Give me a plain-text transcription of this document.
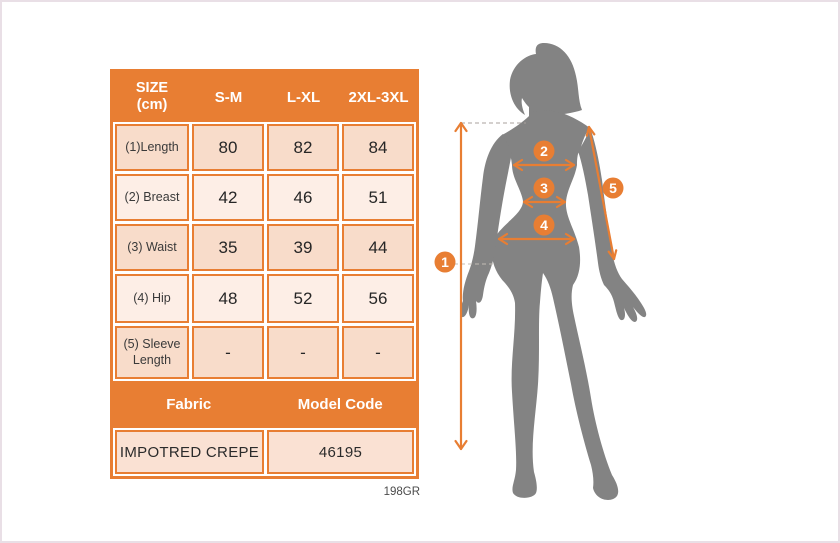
SIZE (cm)	S-M	L-XL	2XL-3XL
(1)Length	80	82	84
(2) Breast	42	46	51
(3) Waist	35	39	44
(4) Hip	48	52	56
(5) Sleeve Length	-	-	-
Fabric	Model Code
IMPOTRED CREPE	46195
198GR
1
2
3
4
5
